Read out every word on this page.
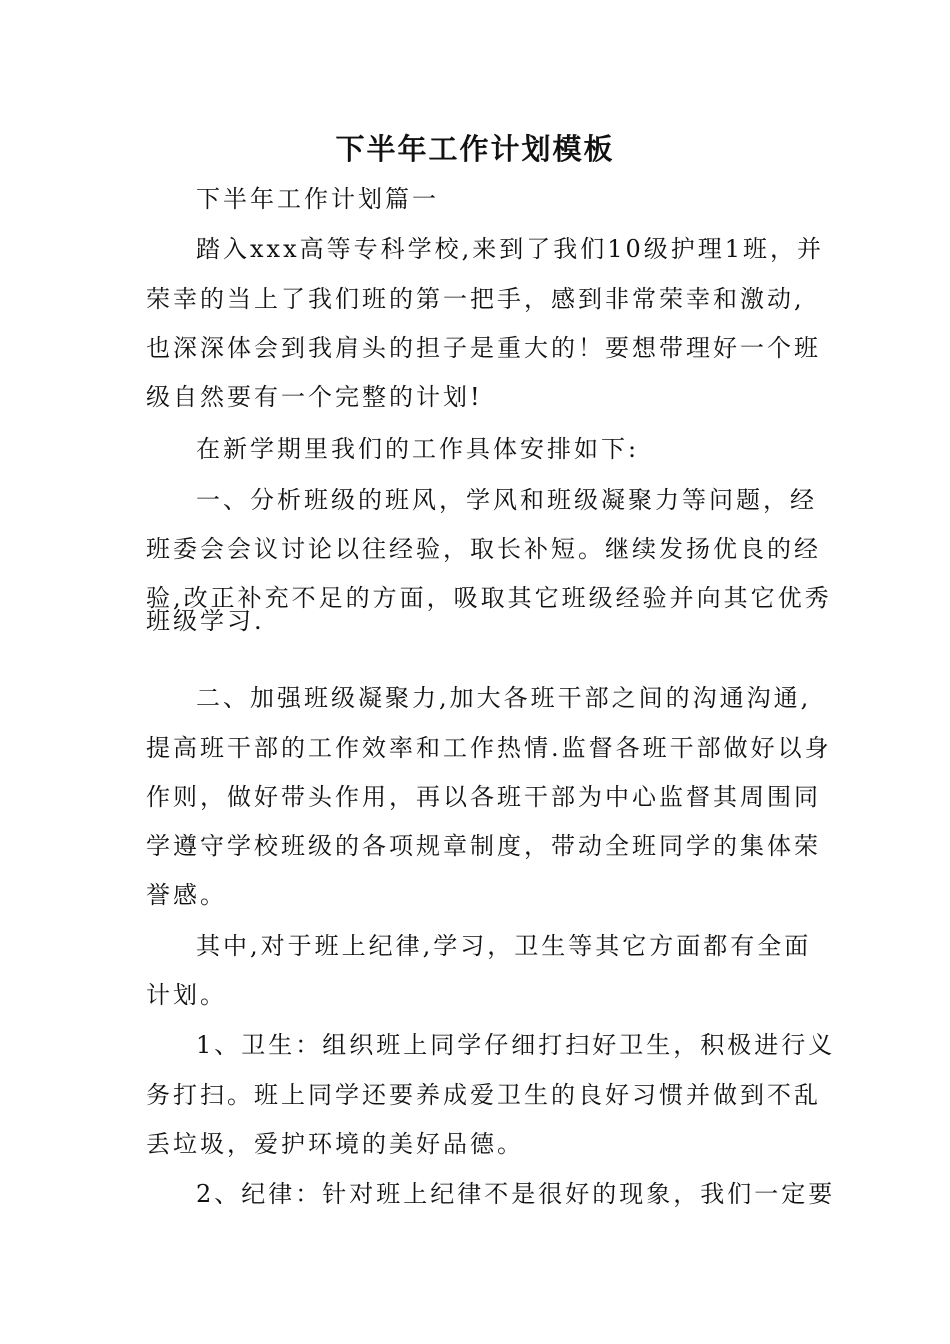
下半年工作计划模板
下半年工作计划篇一
踏入xxx高等专科学校,来到了我们10级护理1班，并
荣幸的当上了我们班的第一把手，感到非常荣幸和激动,
也深深体会到我肩头的担子是重大的！要想带理好一个班
级自然要有一个完整的计划!
在新学期里我们的工作具体安排如下:
一、分析班级的班风，学风和班级凝聚力等问题，经
班委会会议讨论以往经验，取长补短。继续发扬优良的经
验,改正补充不足的方面，吸取其它班级经验并向其它优秀
班级学习.
二、加强班级凝聚力,加大各班干部之间的沟通沟通,
提高班干部的工作效率和工作热情.监督各班干部做好以身
作则，做好带头作用，再以各班干部为中心监督其周围同
学遵守学校班级的各项规章制度，带动全班同学的集体荣
誉感。
其中,对于班上纪律,学习，卫生等其它方面都有全面
计划。
1、卫生：组织班上同学仔细打扫好卫生，积极进行义
务打扫。班上同学还要养成爱卫生的良好习惯并做到不乱
丢垃圾，爱护环境的美好品德。
2、纪律：针对班上纪律不是很好的现象，我们一定要
